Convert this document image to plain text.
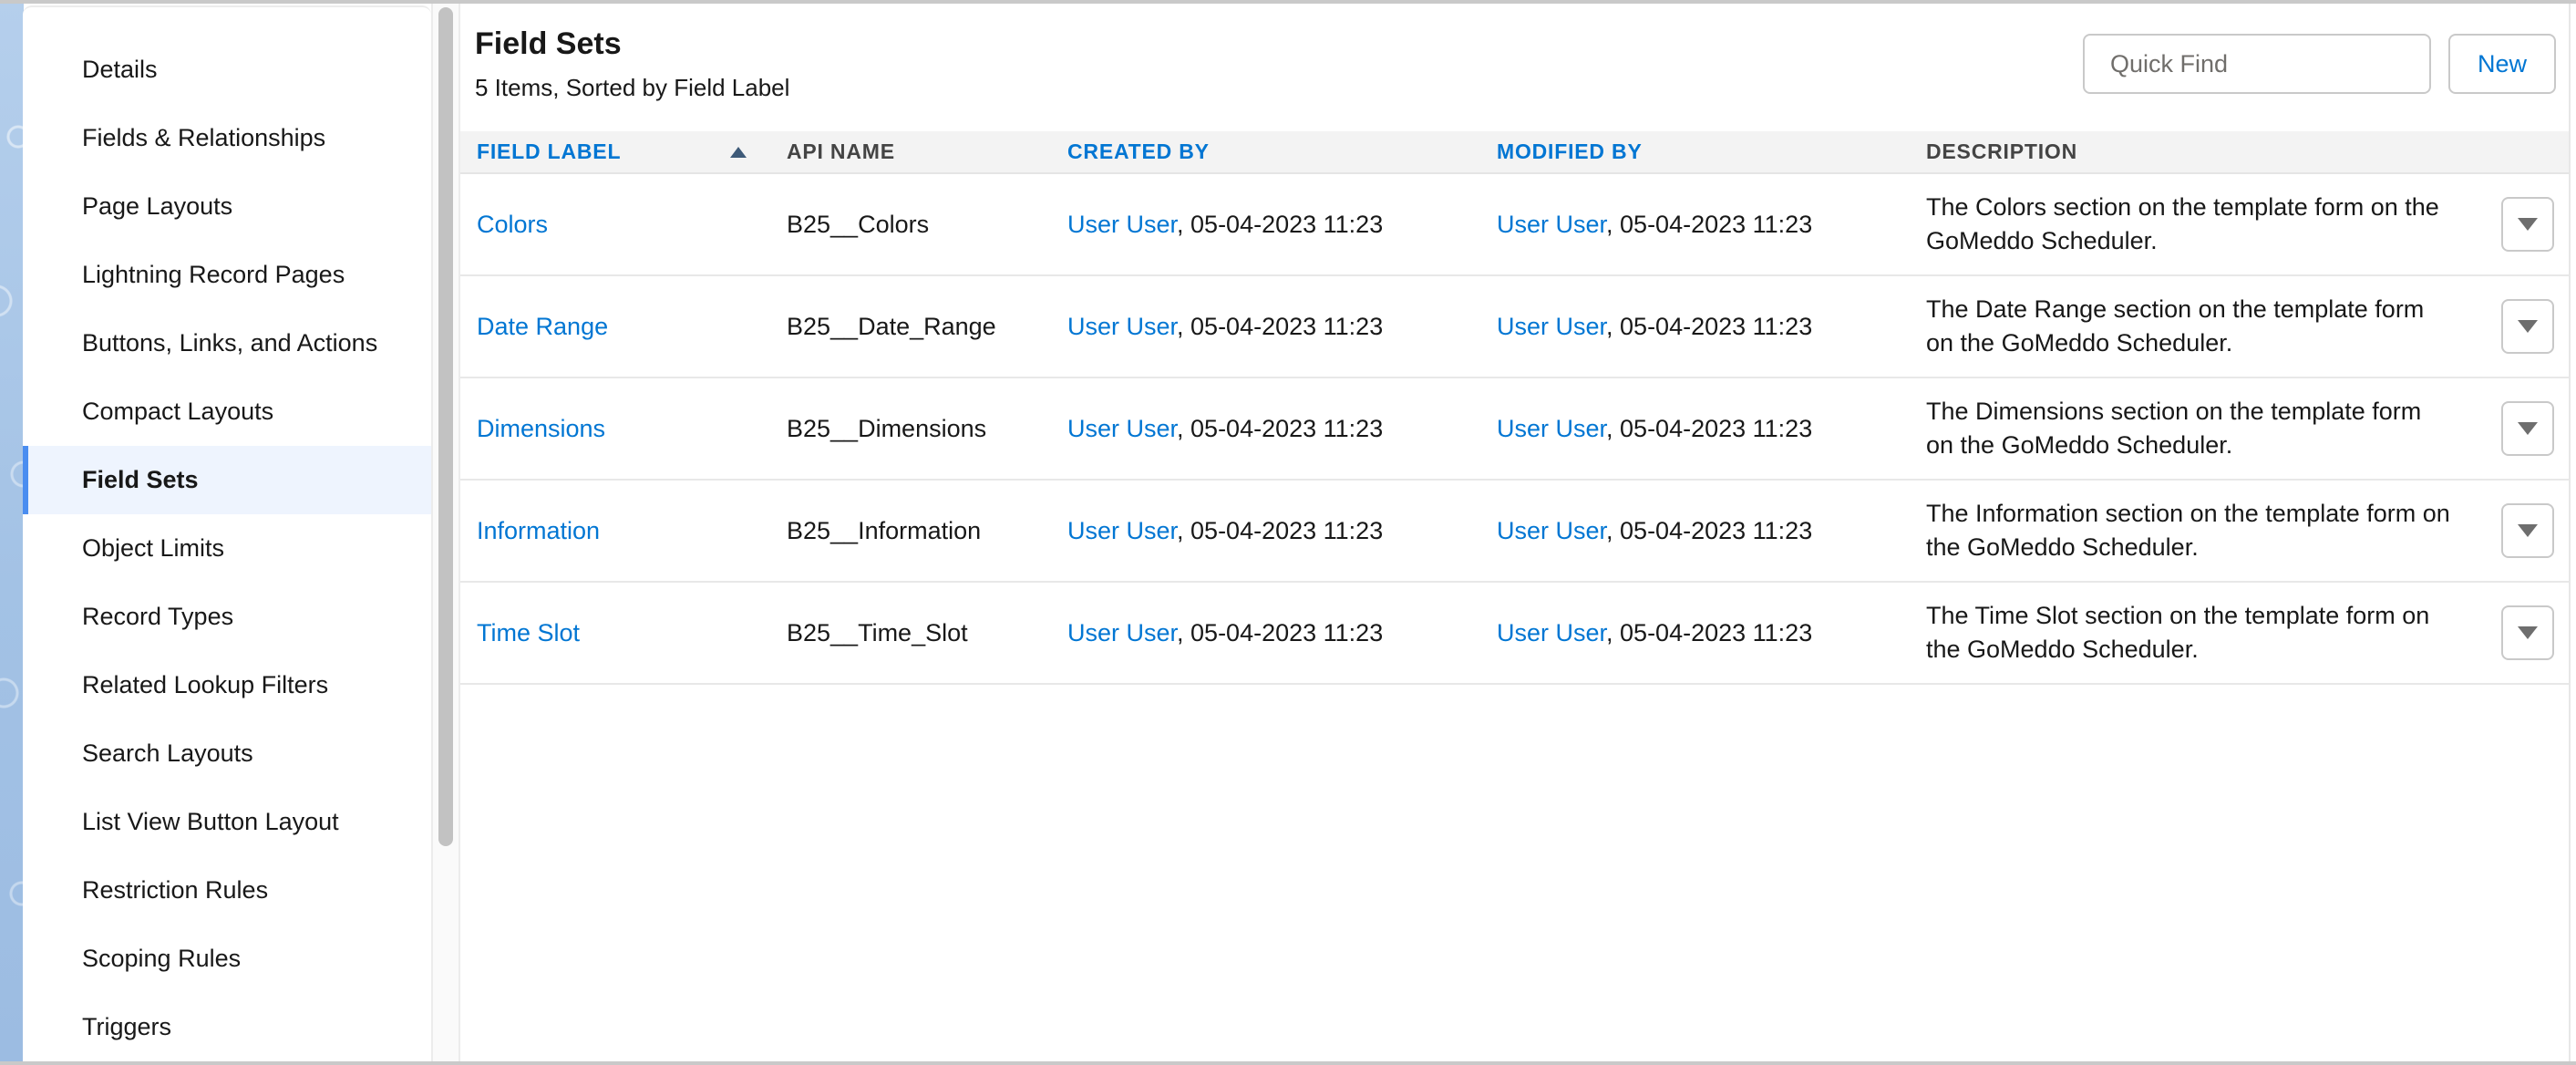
Details
Fields & Relationships
Page Layouts
Lightning Record Pages
Buttons, Links, and Actions
Compact Layouts
Field Sets
Object Limits
Record Types
Related Lookup Filters
Search Layouts
List View Button Layout
Restriction Rules
Scoping Rules
Triggers
Field Sets
5 Items, Sorted by Field Label
Quick Find
New
FIELD LABEL	API NAME	CREATED BY	MODIFIED BY	DESCRIPTION
Colors	B25__Colors	User User, 05-04-2023 11:23	User User, 05-04-2023 11:23
The Colors section on the template form on the GoMeddo Scheduler.
Date Range	B25__Date_Range	User User, 05-04-2023 11:23	User User, 05-04-2023 11:23
The Date Range section on the template form on the GoMeddo Scheduler.
Dimensions	B25__Dimensions	User User, 05-04-2023 11:23	User User, 05-04-2023 11:23
The Dimensions section on the template form on the GoMeddo Scheduler.
Information	B25__Information	User User, 05-04-2023 11:23	User User, 05-04-2023 11:23
The Information section on the template form on the GoMeddo Scheduler.
Time Slot	B25__Time_Slot	User User, 05-04-2023 11:23	User User, 05-04-2023 11:23
The Time Slot section on the template form on the GoMeddo Scheduler.
